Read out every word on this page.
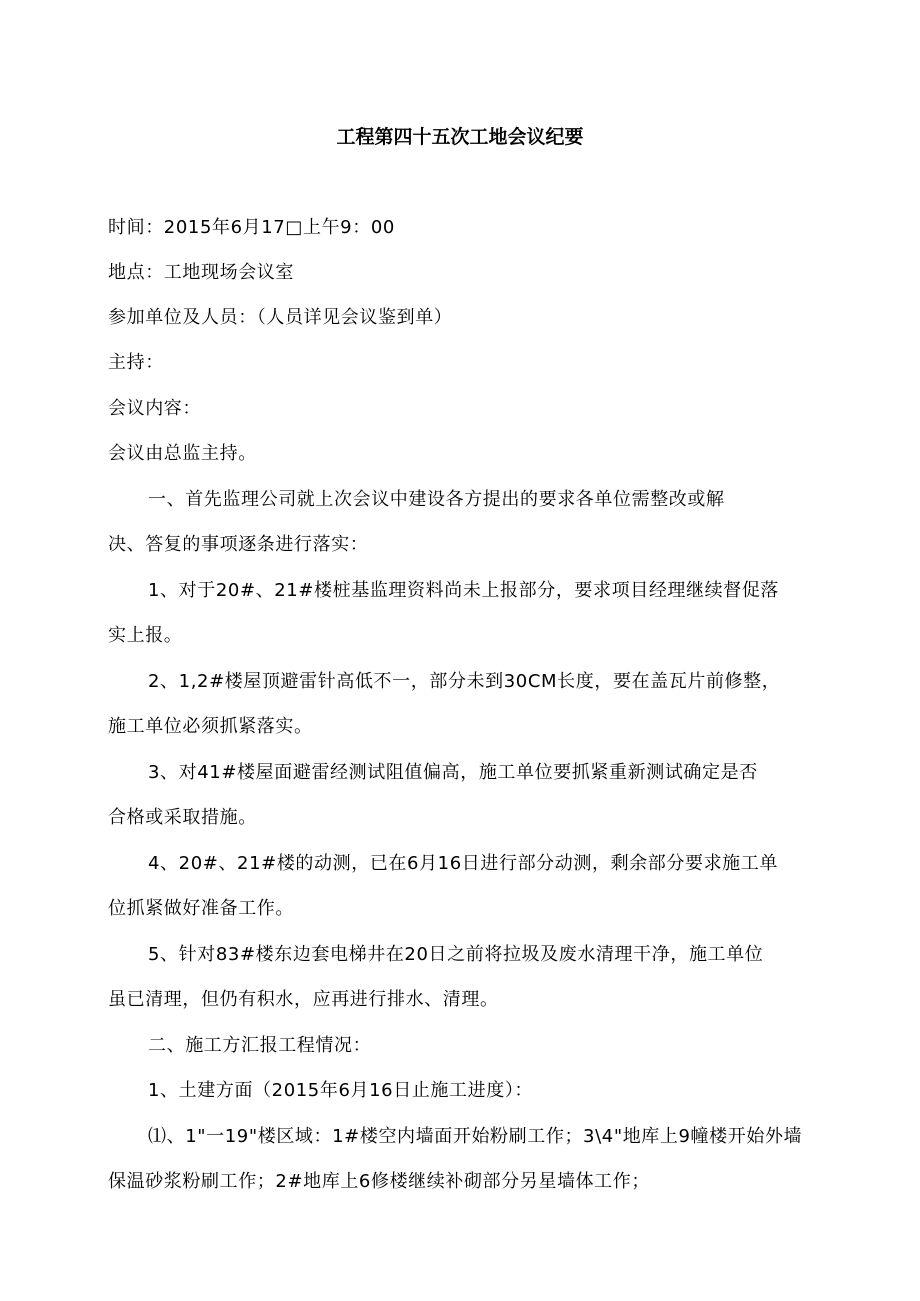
工程第四十五次工地会议纪要
时间：2015年6月17□上午9：00
地点：工地现场会议室
参加单位及人员：（人员详见会议鉴到单）
主持：
会议内容：
会议由总监主持。
一、首先监理公司就上次会议中建设各方提出的要求各单位需整改或解
决、答复的事项逐条进行落实：
1、对于20#、21#楼桩基监理资料尚未上报部分，要求项目经理继续督促落
实上报。
2、1,2#楼屋顶避雷针高低不一，部分未到30CM长度，要在盖瓦片前修整，
施工单位必须抓紧落实。
3、对41#楼屋面避雷经测试阻值偏高，施工单位要抓紧重新测试确定是否
合格或采取措施。
4、20#、21#楼的动测，已在6月16日进行部分动测，剩余部分要求施工单
位抓紧做好准备工作。
5、针对83#楼东边套电梯井在20日之前将拉圾及废水清理干净，施工单位
虽已清理，但仍有积水，应再进行排水、清理。
二、施工方汇报工程情况：
1、土建方面（2015年6月16日止施工进度）：
⑴、1"一19"楼区域：1#楼空内墙面开始粉刷工作；3\4"地库上9幢楼开始外墙
保温砂浆粉刷工作；2#地库上6修楼继续补砌部分另星墙体工作；
